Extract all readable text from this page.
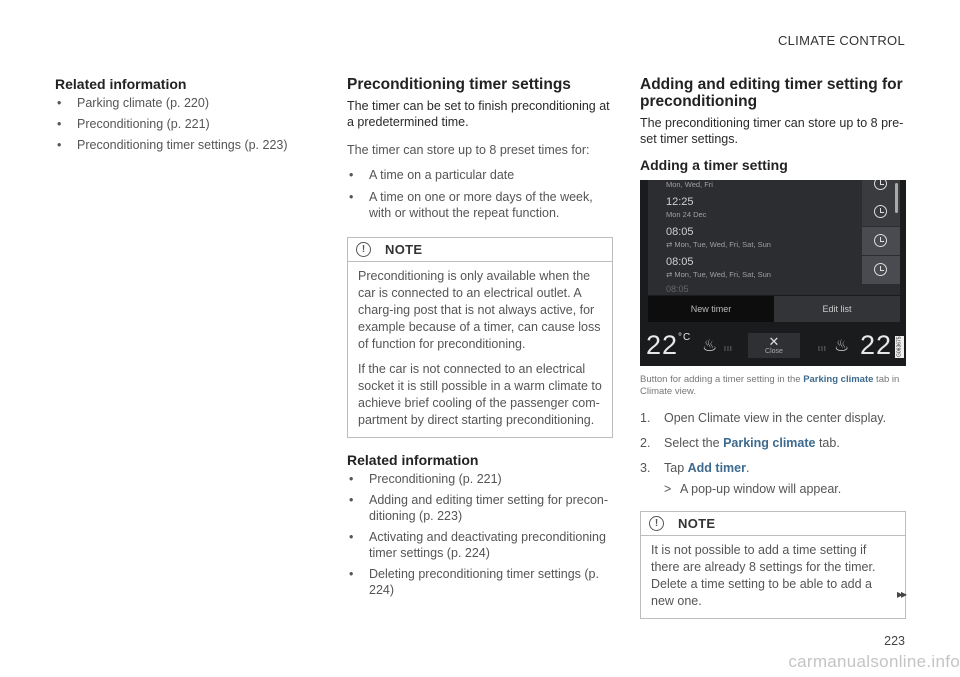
CLIMATE CONTROL
Related information
• Parking climate (p. 220)
• Preconditioning (p. 221)
• Preconditioning timer settings (p. 223)
Preconditioning timer settings
The timer can be set to finish preconditioning at a predetermined time.

The timer can store up to 8 preset times for:

• A time on a particular date
• A time on one or more days of the week, with or without the repeat function.
!	NOTE

Preconditioning is only available when the car is connected to an electrical outlet. A charg-ing post that is not always active, for example because of a timer, can cause loss of function for preconditioning.

If the car is not connected to an electrical socket it is still possible in a warm climate to achieve brief cooling of the passenger com-partment by direct starting preconditioning.

Related information
• Preconditioning (p. 221)
• Adding and editing timer setting for precon-ditioning (p. 223)
• Activating and deactivating preconditioning timer settings (p. 224)
• Deleting preconditioning timer settings (p. 224)
Adding and editing timer setting for preconditioning
The preconditioning timer can store up to 8 pre-set timer settings.
Adding a timer setting
Mon, Wed, Fri
12:25
Mon 24 Dec
08:05
⇄ Mon, Tue, Wed, Fri, Sat, Sun
08:05
⇄ Mon, Tue, Wed, Fri, Sat, Sun
08:05
New timer	Edit list
$22^{^\circ C}$ ♨ III
✕
Close	III ♨ 22 G063675
Button for adding a timer setting in the Parking climate tab in Climate view.
1. Open Climate view in the center display.
2. Select the Parking climate tab.
3. Tap Add timer.
> A pop-up window will appear.
!	NOTE

It is not possible to add a time setting if there are already 8 settings for the timer. Delete a time setting to be able to add a new one.	▸▸
223
carmanualsonline.info
